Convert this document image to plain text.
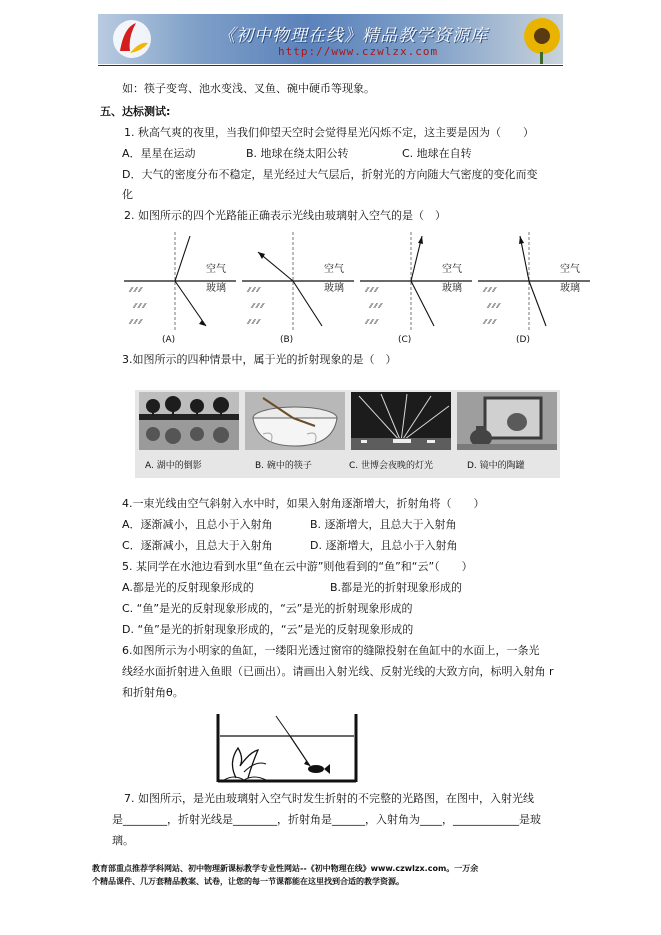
《初中物理在线》精品教学资源库
http://www.czwlzx.com
如：筷子变弯、池水变浅、叉鱼、碗中硬币等现象。
五、达标测试:
1. 秋高气爽的夜里，当我们仰望天空时会觉得星光闪烁不定，这主要是因为（　　）
A．星星在运动	B. 地球在绕太阳公转	C. 地球在自转
D．大气的密度分布不稳定，星光经过大气层后，折射光的方向随大气密度的变化而变
化
2. 如图所示的四个光路能正确表示光线由玻璃射入空气的是（　）
⁄⁄ ⁄⁄ ⁄⁄
⁄⁄ ⁄⁄ ⁄⁄
⁄⁄ ⁄⁄ ⁄⁄
空气
玻璃
(A)
⁄⁄ ⁄⁄ ⁄⁄
⁄⁄ ⁄⁄ ⁄⁄
⁄⁄ ⁄⁄ ⁄⁄
空气
玻璃
(B)
⁄⁄ ⁄⁄ ⁄⁄
⁄⁄ ⁄⁄ ⁄⁄
⁄⁄ ⁄⁄ ⁄⁄
空气
玻璃
(C)
⁄⁄ ⁄⁄ ⁄⁄
⁄⁄ ⁄⁄ ⁄⁄
⁄⁄ ⁄⁄ ⁄⁄
空气
玻璃
(D)
3.如图所示的四种情景中，属于光的折射现象的是（　）
A. 湖中的倒影	B. 碗中的筷子	C. 世博会夜晚的灯光	D. 镜中的陶罐
4.一束光线由空气斜射入水中时，如果入射角逐渐增大，折射角将（　　）
A．逐渐减小，且总小于入射角	B. 逐渐增大，且总大于入射角
C．逐渐减小，且总大于入射角	D. 逐渐增大，且总小于入射角
5. 某同学在水池边看到水里“鱼在云中游”则他看到的“鱼”和“云”（　　）
A.都是光的反射现象形成的	B.都是光的折射现象形成的
C. “鱼”是光的反射现象形成的，“云”是光的折射现象形成的
D. “鱼”是光的折射现象形成的，“云”是光的反射现象形成的
6.如图所示为小明家的鱼缸，一缕阳光透过窗帘的缝隙投射在鱼缸中的水面上，一条光
线经水面折射进入鱼眼（已画出）。请画出入射光线、反射光线的大致方向，标明入射角 r
和折射角θ。
7. 如图所示，是光由玻璃射入空气时发生折射的不完整的光路图，在图中，入射光线
是________，折射光线是________，折射角是______，入射角为____，____________是玻
璃。
教育部重点推荐学科网站、初中物理新课标教学专业性网站--《初中物理在线》www.czwlzx.com。一万余
个精品课件、几万套精品教案、试卷，让您的每一节课都能在这里找到合适的教学资源。
